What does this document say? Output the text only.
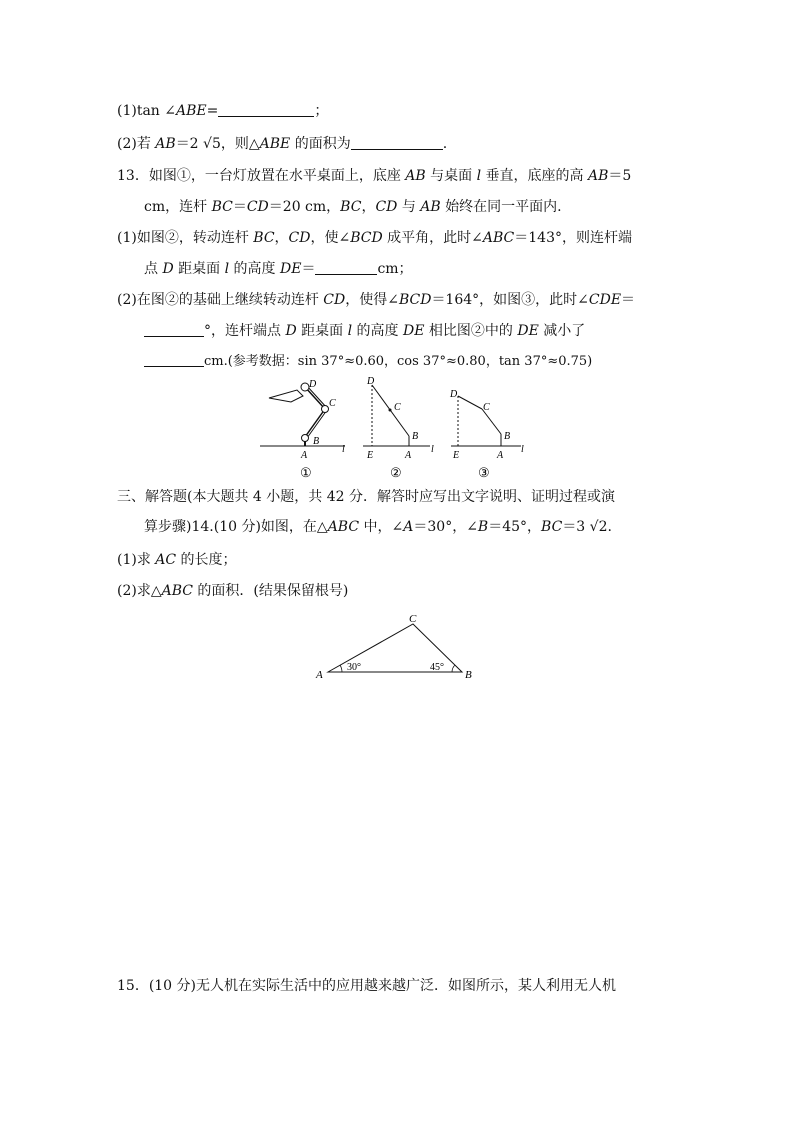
(1)tan ∠ABE=	；
(2)若 AB＝2 √5，则△ABE 的面积为	.
13．如图①，一台灯放置在水平桌面上，底座 AB 与桌面 l 垂直，底座的高 AB＝5
cm，连杆 BC＝CD＝20 cm，BC，CD 与 AB 始终在同一平面内.
(1)如图②，转动连杆 BC，CD，使∠BCD 成平角，此时∠ABC＝143°，则连杆端
点 D 距桌面 l 的高度 DE＝	cm；
(2)在图②的基础上继续转动连杆 CD，使得∠BCD＝164°，如图③，此时∠CDE＝
°，连杆端点 D 距桌面 l 的高度 DE 相比图②中的 DE 减小了
cm.(参考数据：sin 37°≈0.60，cos 37°≈0.80，tan 37°≈0.75)
D
C
B
A
l
①
D
C
B
E	A
l
②
D
C
B
E	A
l
③
三、解答题(本大题共 4 小题，共 42 分．解答时应写出文字说明、证明过程或演
算步骤)14.(10 分)如图，在△ABC 中，∠A＝30°，∠B＝45°，BC＝3 √2.
(1)求 AC 的长度；
(2)求△ABC 的面积．(结果保留根号)
A	B
C
30°	45°
15．(10 分)无人机在实际生活中的应用越来越广泛．如图所示，某人利用无人机
